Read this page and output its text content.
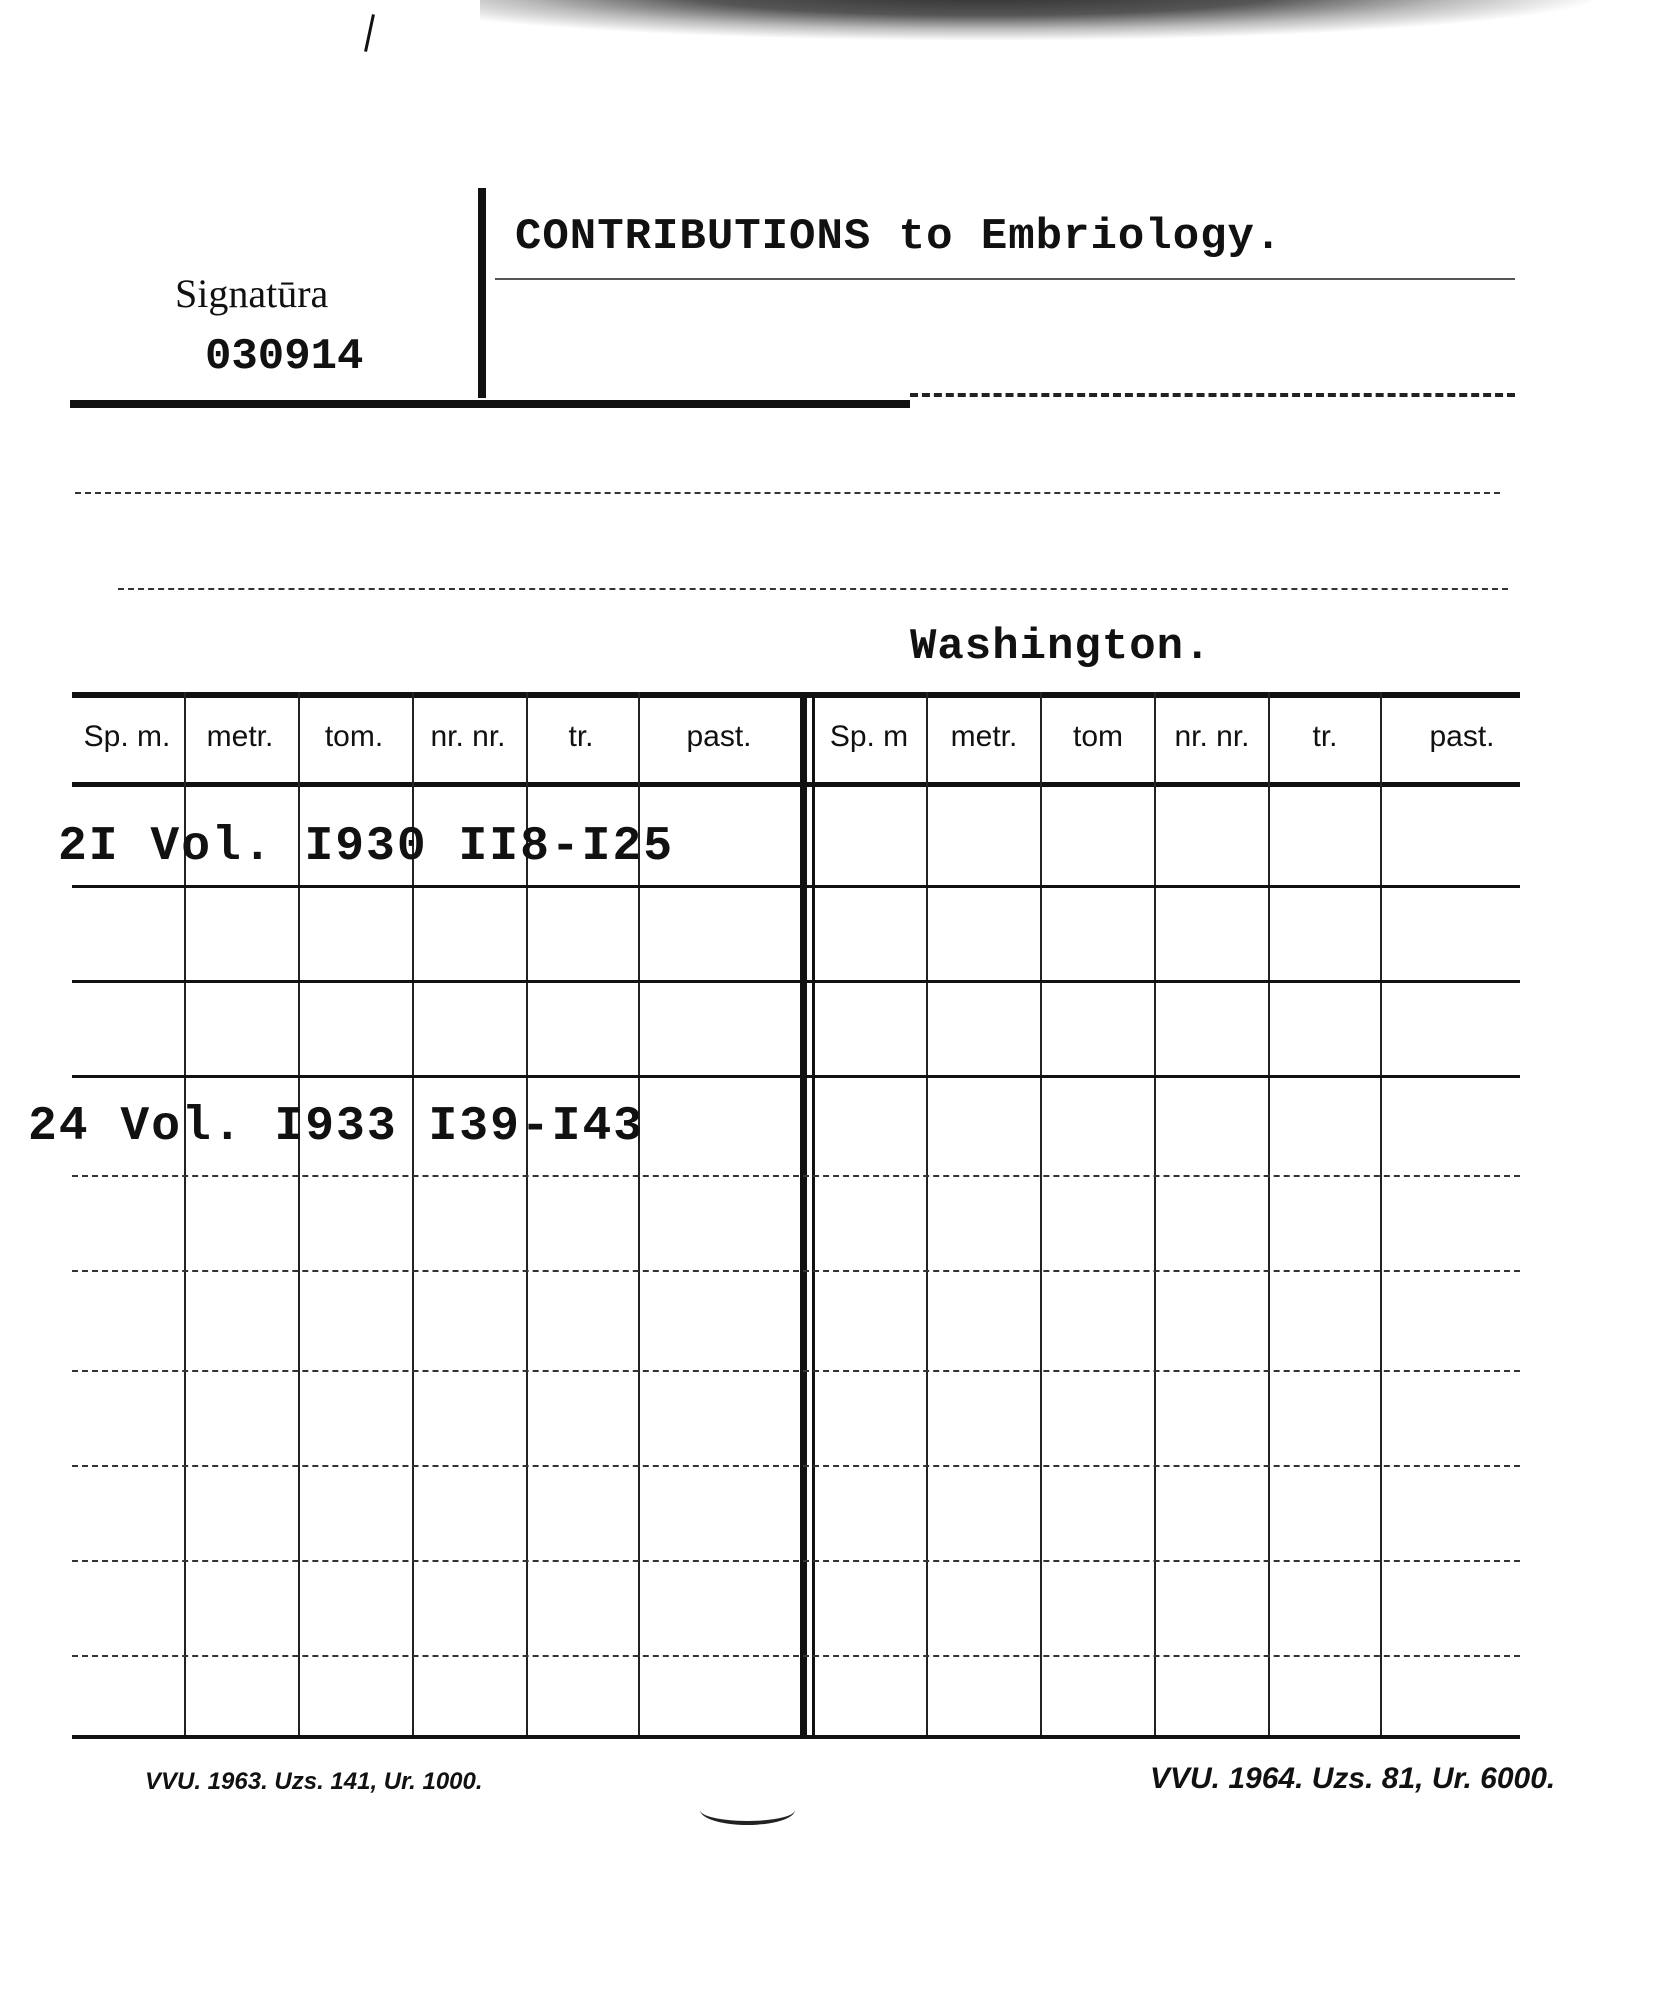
Signatūra
030914
CONTRIBUTIONS to Embriology.
Washington.
Sp. m.	metr.	tom.	nr. nr.	tr.	past.	Sp. m	metr.	tom	nr. nr.	tr.	past.
2I Vol. I930 II8-I25
24 Vol. I933 I39-I43
VVU. 1963. Uzs. 141, Ur. 1000.	VVU. 1964. Uzs. 81, Ur. 6000.
